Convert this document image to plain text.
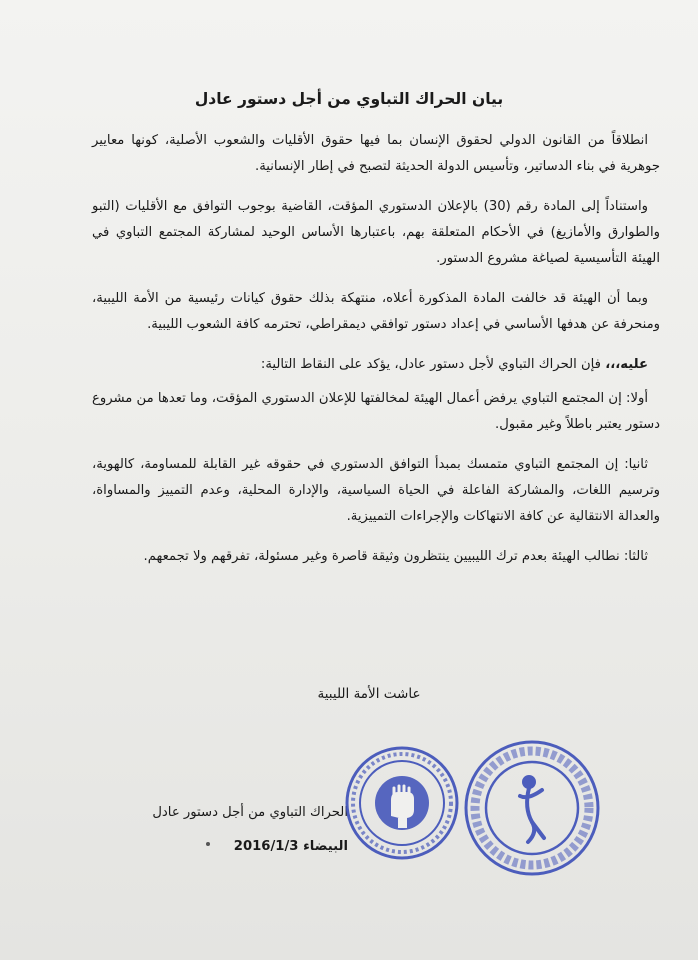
بيان الحراك التباوي من أجل دستور عادل

انطلاقاً من القانون الدولي لحقوق الإنسان بما فيها حقوق الأقليات والشعوب الأصلية، كونها معايير جوهرية في بناء الدساتير، وتأسيس الدولة الحديثة لتصبح في إطار الإنسانية.

واستناداً إلى المادة رقم (30) بالإعلان الدستوري المؤقت، القاضية بوجوب التوافق مع الأقليات (التبو والطوارق والأمازيغ) في الأحكام المتعلقة بهم، باعتبارها الأساس الوحيد لمشاركة المجتمع التباوي في الهيئة التأسيسية لصياغة مشروع الدستور.

وبما أن الهيئة قد خالفت المادة المذكورة أعلاه، منتهكة بذلك حقوق كيانات رئيسية من الأمة الليبية، ومنحرفة عن هدفها الأساسي في إعداد دستور توافقي ديمقراطي، تحترمه كافة الشعوب الليبية.

عليه،،، فإن الحراك التباوي لأجل دستور عادل، يؤكد على النقاط التالية:

أولا: إن المجتمع التباوي يرفض أعمال الهيئة لمخالفتها للإعلان الدستوري المؤقت، وما تعدها من مشروع دستور يعتبر باطلاً وغير مقبول.

ثانيا: إن المجتمع التباوي متمسك بمبدأ التوافق الدستوري في حقوقه غير القابلة للمساومة، كالهوية، وترسيم اللغات، والمشاركة الفاعلة في الحياة السياسية، والإدارة المحلية، وعدم التمييز والمساواة، والعدالة الانتقالية عن كافة الانتهاكات والإجراءات التمييزية.

ثالثا: نطالب الهيئة بعدم ترك الليبيين ينتظرون وثيقة قاصرة وغير مسئولة، تفرقهم ولا تجمعهم.

عاشت الأمة الليبية
الحراك التباوي من أجل دستور عادل
البيضاء 2016/1/3
